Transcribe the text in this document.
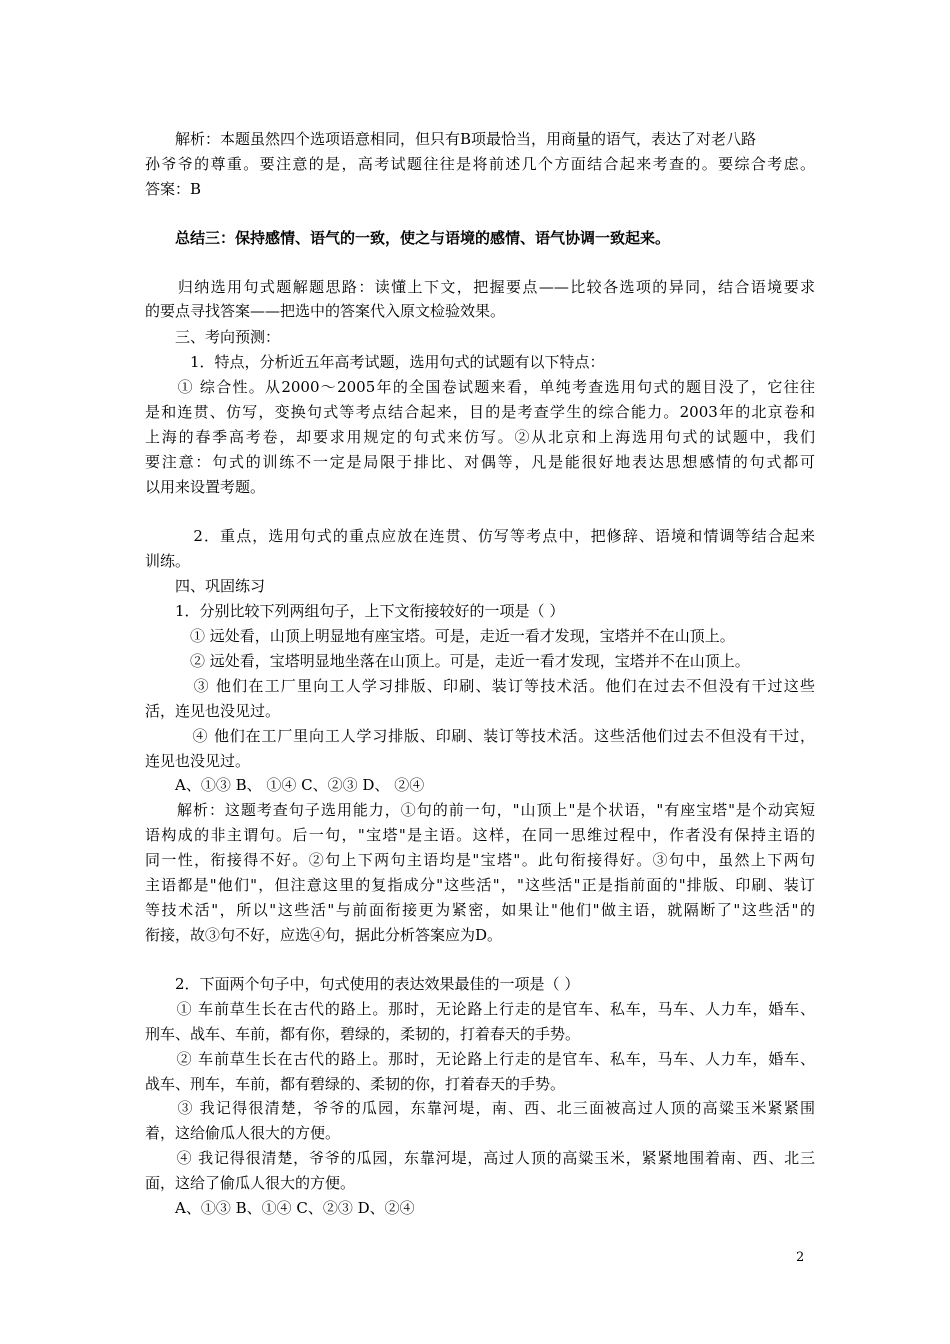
　　解析：本题虽然四个选项语意相同，但只有B项最恰当，用商量的语气，表达了对老八路
孙爷爷的尊重。要注意的是，高考试题往往是将前述几个方面结合起来考查的。要综合考虑。
答案：B
　　总结三：保持感情、语气的一致，使之与语境的感情、语气协调一致起来。
　　归纳选用句式题解题思路：读懂上下文，把握要点——比较各选项的异同，结合语境要求
的要点寻找答案——把选中的答案代入原文检验效果。
　　三、考向预测：
　　　1．特点，分析近五年高考试题，选用句式的试题有以下特点：
　　① 综合性。从2000～2005年的全国卷试题来看，单纯考查选用句式的题目没了，它往往
是和连贯、仿写，变换句式等考点结合起来，目的是考查学生的综合能力。2003年的北京卷和
上海的春季高考卷，却要求用规定的句式来仿写。②从北京和上海选用句式的试题中，我们
要注意：句式的训练不一定是局限于排比、对偶等，凡是能很好地表达思想感情的句式都可
以用来设置考题。
　　　2．重点，选用句式的重点应放在连贯、仿写等考点中，把修辞、语境和情调等结合起来
训练。
　　四、巩固练习
　　1．分别比较下列两组句子，上下文衔接较好的一项是（ ）
　　　① 远处看，山顶上明显地有座宝塔。可是，走近一看才发现，宝塔并不在山顶上。
　　　② 远处看，宝塔明显地坐落在山顶上。可是，走近一看才发现，宝塔并不在山顶上。
　　　③ 他们在工厂里向工人学习排版、印刷、装订等技术活。他们在过去不但没有干过这些
活，连见也没见过。
　　　④ 他们在工厂里向工人学习排版、印刷、装订等技术活。这些活他们过去不但没有干过，
连见也没见过。
　　A、①③ B、 ①④ C、②③ D、 ②④
　　解析：这题考查句子选用能力，①句的前一句，"山顶上"是个状语，"有座宝塔"是个动宾短
语构成的非主谓句。后一句，"宝塔"是主语。这样，在同一思维过程中，作者没有保持主语的
同一性，衔接得不好。②句上下两句主语均是"宝塔"。此句衔接得好。③句中，虽然上下两句
主语都是"他们"，但注意这里的复指成分"这些活"，"这些活"正是指前面的"排版、印刷、装订
等技术活"，所以"这些活"与前面衔接更为紧密，如果让"他们"做主语，就隔断了"这些活"的
衔接，故③句不好，应选④句，据此分析答案应为D。
　　2．下面两个句子中，句式使用的表达效果最佳的一项是（ ）
　　① 车前草生长在古代的路上。那时，无论路上行走的是官车、私车，马车、人力车，婚车、
刑车、战车、车前，都有你，碧绿的，柔韧的，打着春天的手势。
　　② 车前草生长在古代的路上。那时，无论路上行走的是官车、私车，马车、人力车，婚车、
战车、刑车，车前，都有碧绿的、柔韧的你，打着春天的手势。
　　③ 我记得很清楚，爷爷的瓜园，东靠河堤，南、西、北三面被高过人顶的高粱玉米紧紧围
着，这给偷瓜人很大的方便。
　　④ 我记得很清楚，爷爷的瓜园，东靠河堤，高过人顶的高粱玉米，紧紧地围着南、西、北三
面，这给了偷瓜人很大的方便。
　　A、①③ B、①④ C、②③ D、②④
2
